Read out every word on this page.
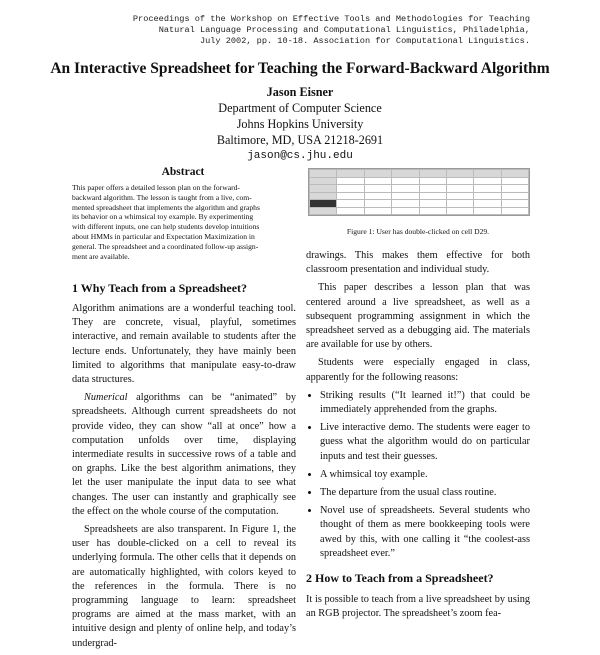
Proceedings of the Workshop on Effective Tools and Methodologies for Teaching
Natural Language Processing and Computational Linguistics, Philadelphia,
July 2002, pp. 10-18. Association for Computational Linguistics.
An Interactive Spreadsheet for Teaching the Forward-Backward Algorithm
Jason Eisner
Department of Computer Science
Johns Hopkins University
Baltimore, MD, USA 21218-2691
jason@cs.jhu.edu
Abstract
This paper offers a detailed lesson plan on the forward-
backward algorithm. The lesson is taught from a live, com-
mented spreadsheet that implements the algorithm and graphs
its behavior on a whimsical toy example. By experimenting
with different inputs, one can help students develop intuitions
about HMMs in particular and Expectation Maximization in
general. The spreadsheet and a coordinated follow-up assign-
ment are available.

Figure 1: User has double-clicked on cell D29.
1 Why Teach from a Spreadsheet?

Algorithm animations are a wonderful teaching tool. They are concrete, visual, playful, sometimes interactive, and remain available to students after the lecture ends. Unfortunately, they have mainly been limited to algorithms that manipulate easy-to-draw data structures.

Numerical algorithms can be “animated” by spreadsheets. Although current spreadsheets do not provide video, they can show “all at once” how a computation unfolds over time, displaying intermediate results in successive rows of a table and on graphs. Like the best algorithm animations, they let the user manipulate the input data to see what changes. The user can instantly and graphically see the effect on the whole course of the computation.

Spreadsheets are also transparent. In Figure 1, the user has double-clicked on a cell to reveal its underlying formula. The other cells that it depends on are automatically highlighted, with colors keyed to the references in the formula. There is no programming language to learn: spreadsheet programs are aimed at the mass market, with an intuitive design and plenty of online help, and today’s undergrad-

drawings. This makes them effective for both classroom presentation and individual study.

This paper describes a lesson plan that was centered around a live spreadsheet, as well as a subsequent programming assignment in which the spreadsheet served as a debugging aid. The materials are available for use by others.

Students were especially engaged in class, apparently for the following reasons:

• Striking results (“It learned it!”) that could be immediately apprehended from the graphs.
• Live interactive demo. The students were eager to guess what the algorithm would do on particular inputs and test their guesses.
• A whimsical toy example.
• The departure from the usual class routine.
• Novel use of spreadsheets. Several students who thought of them as mere bookkeeping tools were awed by this, with one calling it “the coolest-ass spreadsheet ever.”
2 How to Teach from a Spreadsheet?

It is possible to teach from a live spreadsheet by using an RGB projector. The spreadsheet’s zoom fea-
